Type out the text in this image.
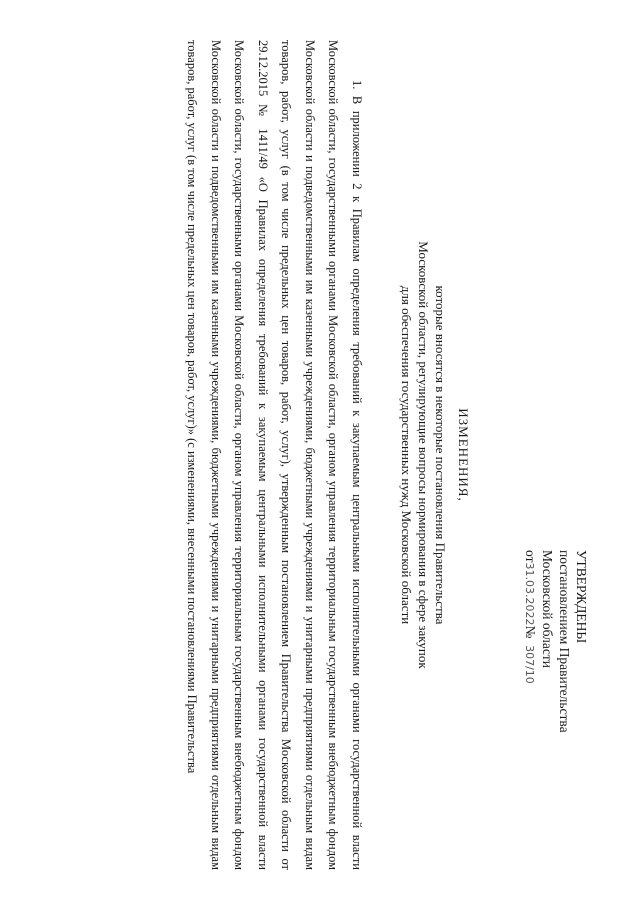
УТВЕРЖДЕНЫ
постановлением Правительства
Московской области
от31.03.2022№  307/10
ИЗМЕНЕНИЯ,
которые вносятся в некоторые постановления Правительства
Московской области, регулирующие вопросы нормирования в сфере закупок
для обеспечения государственных нужд Московской области

1. В приложении 2 к Правилам определения требований к закупаемым центральными исполнительными органами государственной власти Московской области, государственными органами Московской области, органом управления территориальным государственным внебюджетным фондом Московской области и подведомственными им казенными учреждениями, бюджетными учреждениями и унитарными предприятиями отдельным видам товаров, работ, услуг (в том числе предельных цен товаров, работ, услуг), утвержденным постановлением Правительства Московской области от 29.12.2015 № 1411/49 «О Правилах определения требований к закупаемым центральными исполнительными органами государственной власти Московской области, государственными органами Московской области, органом управления территориальным государственным внебюджетным фондом Московской области и подведомственными им казенными учреждениями, бюджетными учреждениями и унитарными предприятиями отдельным видам товаров, работ, услуг (в том числе предельных цен товаров, работ, услуг)» (с изменениями, внесенными постановлениями Правительства
